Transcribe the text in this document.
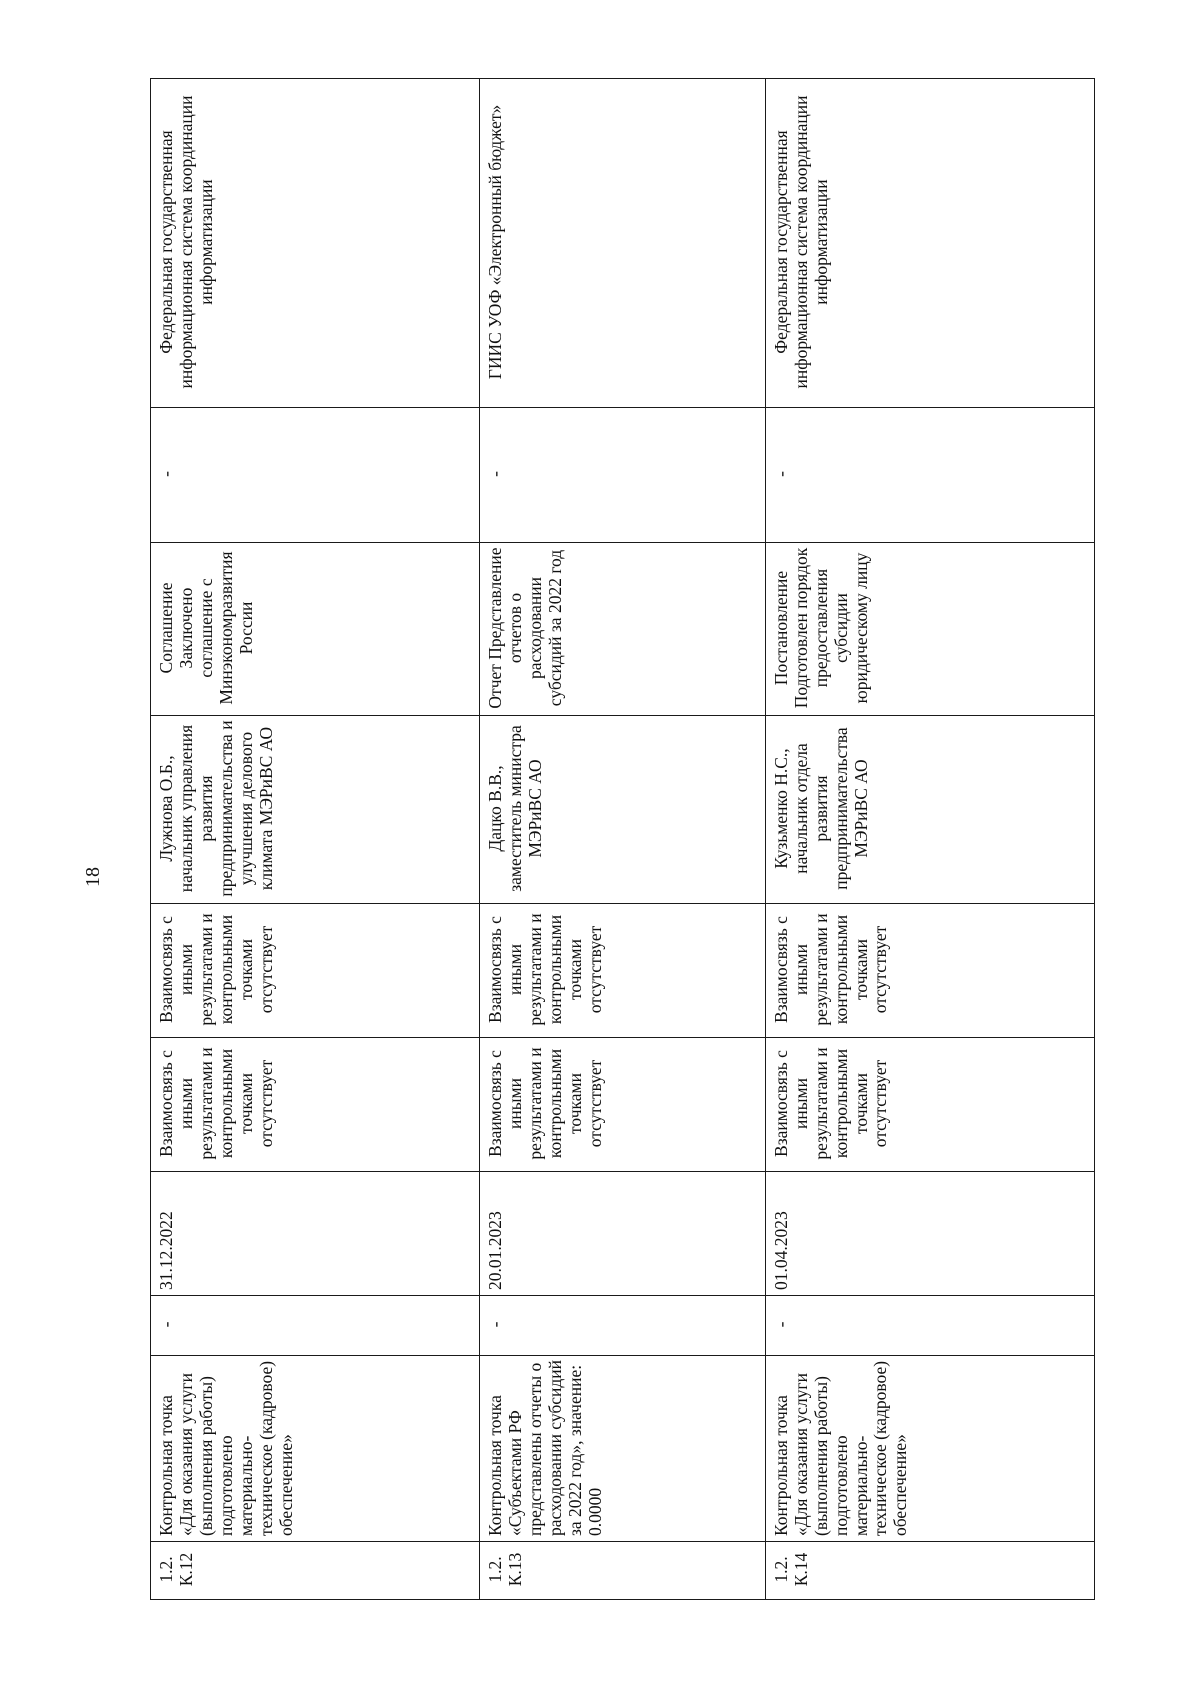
18
1.2. К.12	Контрольная точка «Для оказания услуги (выполнения работы) подготовлено материально-техническое (кадровое) обеспечение»	-	31.12.2022	Взаимосвязь с иными результатами и контрольными точками отсутствует	Взаимосвязь с иными результатами и контрольными точками отсутствует	Лужнова О.Б., начальник управления развития предпринимательства и улучшения делового климата МЭРиВС АО	Соглашение Заключено соглашение с Минэкономразвития России	-	Федеральная государственная информационная система координации информатизации
1.2. К.13	Контрольная точка «Субъектами РФ представлены отчеты о расходовании субсидий за 2022 год», значение: 0.0000	-	20.01.2023	Взаимосвязь с иными результатами и контрольными точками отсутствует	Взаимосвязь с иными результатами и контрольными точками отсутствует	Дацко В.В., заместитель министра МЭРиВС АО	Отчет Представление отчетов о расходовании субсидий за 2022 год	-	ГИИС УОФ «Электронный бюджет»
1.2. К.14	Контрольная точка «Для оказания услуги (выполнения работы) подготовлено материально-техническое (кадровое) обеспечение»	-	01.04.2023	Взаимосвязь с иными результатами и контрольными точками отсутствует	Взаимосвязь с иными результатами и контрольными точками отсутствует	Кузьменко Н.С., начальник отдела развития предпринимательства МЭРиВС АО	Постановление Подготовлен порядок предоставления субсидии юридическому лицу	-	Федеральная государственная информационная система координации информатизации
